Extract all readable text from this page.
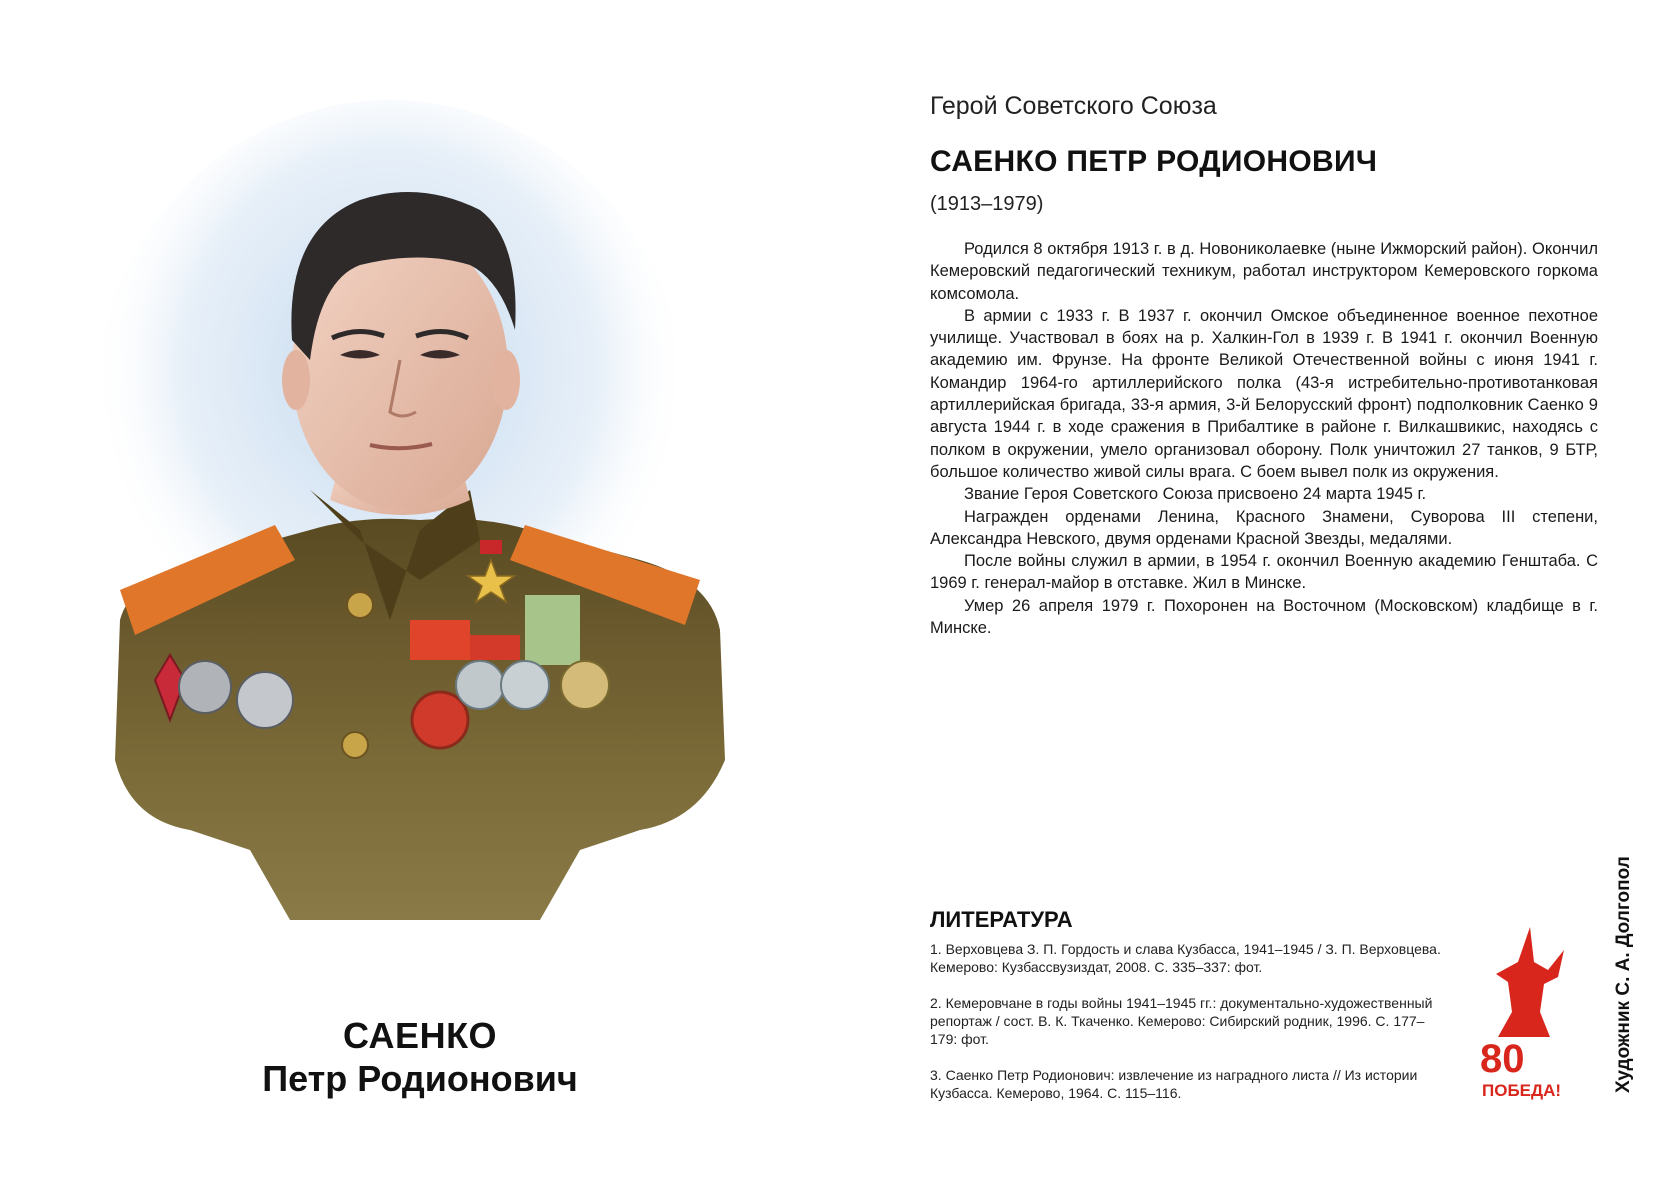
САЕНКО
Петр Родионович
Герой Советского Союза
САЕНКО ПЕТР РОДИОНОВИЧ
(1913–1979)

Родился 8 октября 1913 г. в д. Новониколаевке (ныне Ижморский район). Окончил Кемеровский педагогический техникум, работал инструктором Кемеровского горкома комсомола.

В армии с 1933 г. В 1937 г. окончил Омское объединенное военное пехотное училище. Участвовал в боях на р. Халкин-Гол в 1939 г. В 1941 г. окончил Военную академию им. Фрунзе. На фронте Великой Отечественной войны с июня 1941 г. Командир 1964-го артиллерийского полка (43-я истребительно-противотанковая артиллерийская бригада, 33-я армия, 3-й Белорусский фронт) подполковник Саенко 9 августа 1944 г. в ходе сражения в Прибалтике в районе г. Вилкашвикис, находясь с полком в окружении, умело организовал оборону. Полк уничтожил 27 танков, 9 БТР, большое количество живой силы врага. С боем вывел полк из окружения.

Звание Героя Советского Союза присвоено 24 марта 1945 г.

Награжден орденами Ленина, Красного Знамени, Суворова III степени, Александра Невского, двумя орденами Красной Звезды, медалями.

После войны служил в армии, в 1954 г. окончил Военную академию Генштаба. С 1969 г. генерал-майор в отставке. Жил в Минске.

Умер 26 апреля 1979 г. Похоронен на Восточном (Московском) кладбище в г. Минске.

ЛИТЕРАТУРА

1. Верховцева З. П. Гордость и слава Кузбасса, 1941–1945 / З. П. Верховцева. Кемерово: Кузбассвузиздат, 2008. С. 335–337: фот.

2. Кемеровчане в годы войны 1941–1945 гг.: документально-художественный репортаж / сост. В. К. Ткаченко. Кемерово: Сибирский родник, 1996. С. 177–179: фот.

3. Саенко Петр Родионович: извлечение из наградного листа // Из истории Кузбасса. Кемерово, 1964. С. 115–116.

80
ПОБЕДА!	Художник С. А. Долгопол
